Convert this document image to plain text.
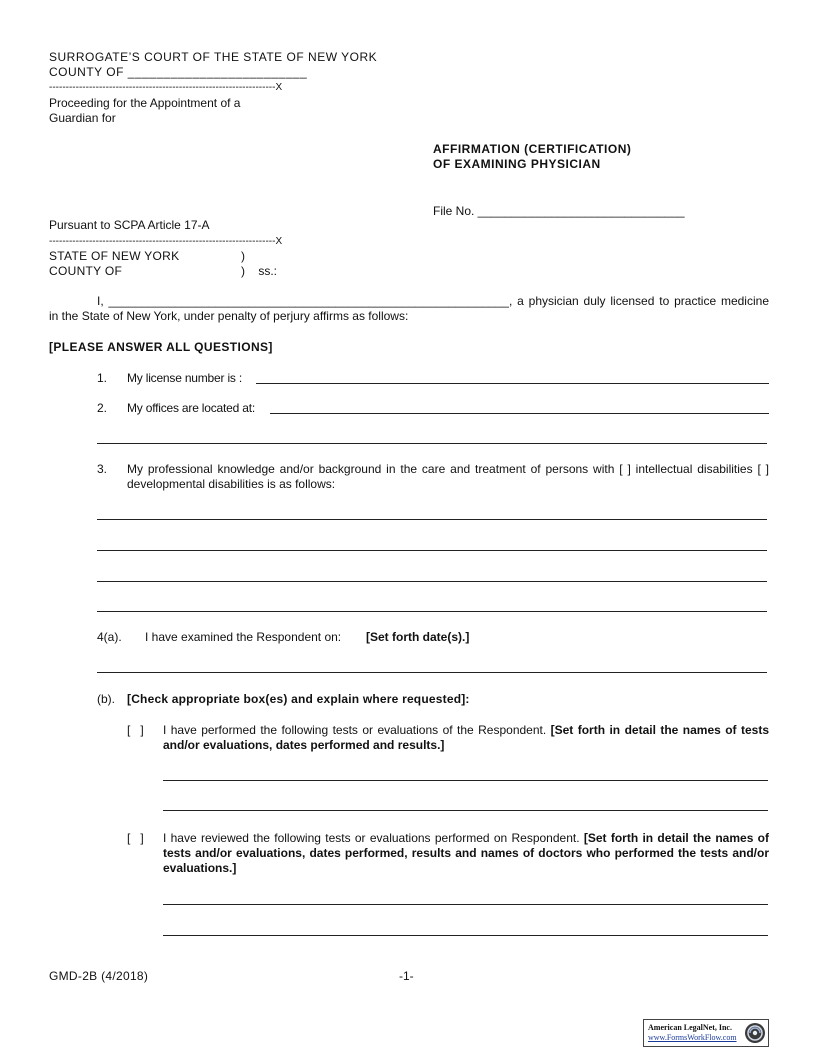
SURROGATE’S COURT OF THE STATE OF NEW YORK
COUNTY OF _________________________
--------------------------------------------------------------------X
Proceeding for the Appointment of a
Guardian for
AFFIRMATION (CERTIFICATION)
OF EXAMINING PHYSICIAN
File No. _______________________________
Pursuant to SCPA Article 17-A
--------------------------------------------------------------------X
STATE OF NEW YORK	)
COUNTY OF	)    ss.:
I, ____________________________________________________________, a physician duly licensed to practice medicine in the State of New York, under penalty of perjury affirms as follows:
[PLEASE ANSWER ALL QUESTIONS]
1. My license number is :
2. My offices are located at:
3. My professional knowledge and/or background in the care and treatment of persons with [ ] intellectual disabilities [ ] developmental disabilities is as follows:
4(a). I have examined the Respondent on: [Set forth date(s).]
(b). [Check appropriate box(es) and explain where requested]:
[   ] I have performed the following tests or evaluations of the Respondent. [Set forth in detail the names of tests and/or evaluations, dates performed and results.]
[   ] I have reviewed the following tests or evaluations performed on Respondent. [Set forth in detail the names of tests and/or evaluations, dates performed, results and names of doctors who performed the tests and/or evaluations.]
GMD-2B (4/2018)	-1-
American LegalNet, Inc.
www.FormsWorkFlow.com
